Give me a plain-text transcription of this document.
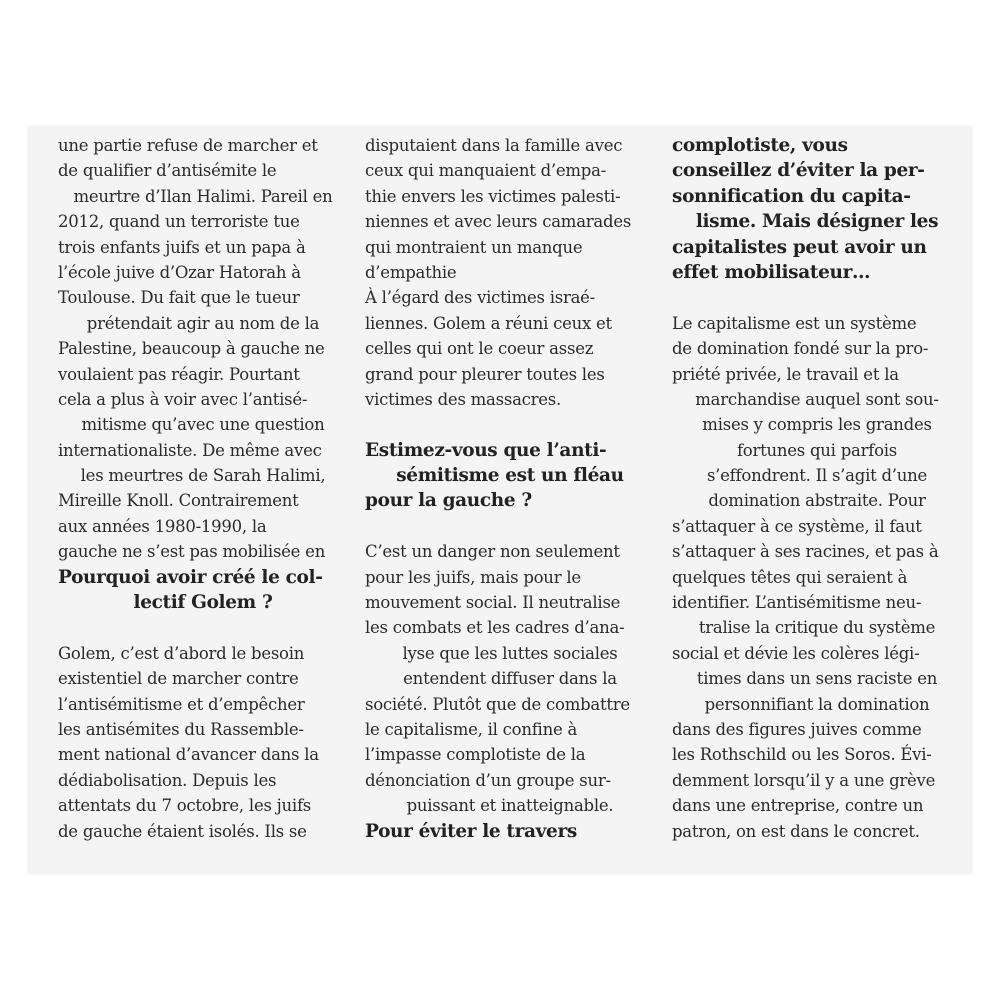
une partie refuse de marcher et
de qualifier d’antisémite le
meurtre d’Ilan Halimi. Pareil en
2012, quand un terroriste tue
trois enfants juifs et un papa à
l’école juive d’Ozar Hatorah à
Toulouse. Du fait que le tueur
prétendait agir au nom de la
Palestine, beaucoup à gauche ne
voulaient pas réagir. Pourtant
cela a plus à voir avec l’antisé-
mitisme qu’avec une question
internationaliste. De même avec
les meurtres de Sarah Halimi,
Mireille Knoll. Contrairement
aux années 1980-1990, la
gauche ne s’est pas mobilisée en
Pourquoi avoir créé le col-
lectif Golem ?
Golem, c’est d’abord le besoin
existentiel de marcher contre
l’antisémitisme et d’empêcher
les antisémites du Rassemble-
ment national d’avancer dans la
dédiabolisation. Depuis les
attentats du 7 octobre, les juifs
de gauche étaient isolés. Ils se
disputaient dans la famille avec
ceux qui manquaient d’empa-
thie envers les victimes palesti-
niennes et avec leurs camarades
qui montraient un manque
d’empathie
À l’égard des victimes israé-
liennes. Golem a réuni ceux et
celles qui ont le coeur assez
grand pour pleurer toutes les
victimes des massacres.
Estimez-vous que l’anti-
sémitisme est un fléau
pour la gauche ?
C’est un danger non seulement
pour les juifs, mais pour le
mouvement social. Il neutralise
les combats et les cadres d’ana-
lyse que les luttes sociales
entendent diffuser dans la
société. Plutôt que de combattre
le capitalisme, il confine à
l’impasse complotiste de la
dénonciation d’un groupe sur-
puissant et inatteignable.
Pour éviter le travers
complotiste, vous
conseillez d’éviter la per-
sonnification du capita-
lisme. Mais désigner les
capitalistes peut avoir un
effet mobilisateur…
Le capitalisme est un système
de domination fondé sur la pro-
priété privée, le travail et la
marchandise auquel sont sou-
mises y compris les grandes
fortunes qui parfois
s’effondrent. Il s’agit d’une
domination abstraite. Pour
s’attaquer à ce système, il faut
s’attaquer à ses racines, et pas à
quelques têtes qui seraient à
identifier. L’antisémitisme neu-
tralise la critique du système
social et dévie les colères légi-
times dans un sens raciste en
personnifiant la domination
dans des figures juives comme
les Rothschild ou les Soros. Évi-
demment lorsqu’il y a une grève
dans une entreprise, contre un
patron, on est dans le concret.
